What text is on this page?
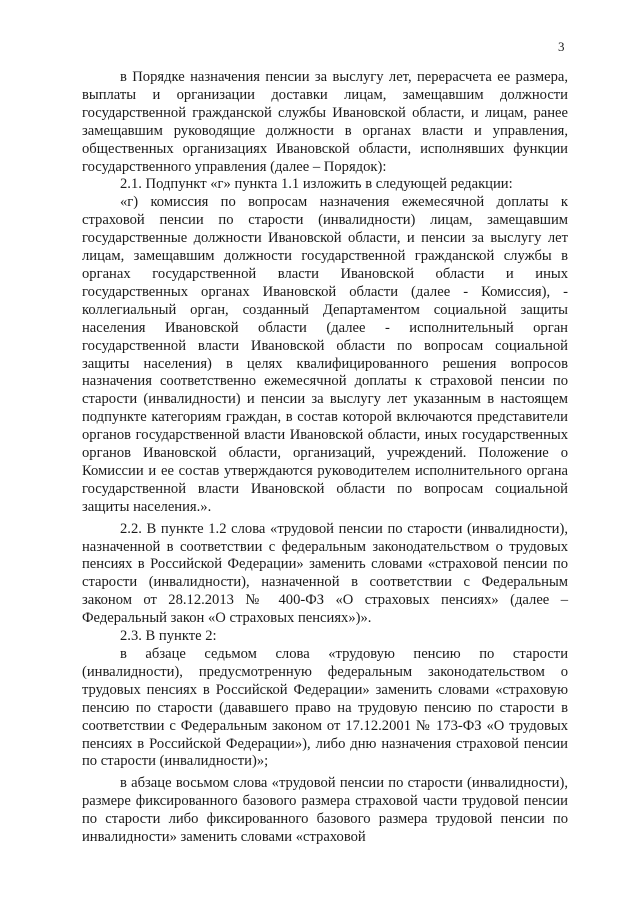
3

в Порядке назначения пенсии за выслугу лет, перерасчета ее размера, выплаты и организации доставки лицам, замещавшим должности государственной гражданской службы Ивановской области, и лицам, ранее замещавшим руководящие должности в органах власти и управления, общественных организациях Ивановской области, исполнявших функции государственного управления (далее – Порядок):

2.1. Подпункт «г» пункта 1.1 изложить в следующей редакции:

«г) комиссия по вопросам назначения ежемесячной доплаты к страховой пенсии по старости (инвалидности) лицам, замещавшим государственные должности Ивановской области, и пенсии за выслугу лет лицам, замещавшим должности государственной гражданской службы в органах государственной власти Ивановской области и иных государственных органах Ивановской области (далее - Комиссия), - коллегиальный орган, созданный Департаментом социальной защиты населения Ивановской области (далее - исполнительный орган государственной власти Ивановской области по вопросам социальной защиты населения) в целях квалифицированного решения вопросов назначения соответственно ежемесячной доплаты к страховой пенсии по старости (инвалидности) и пенсии за выслугу лет указанным в настоящем подпункте категориям граждан, в состав которой включаются представители органов государственной власти Ивановской области, иных государственных органов Ивановской области, организаций, учреждений. Положение о Комиссии и ее состав утверждаются руководителем исполнительного органа государственной власти Ивановской области по вопросам социальной защиты населения.».

2.2. В пункте 1.2 слова «трудовой пенсии по старости (инвалидности), назначенной в соответствии с федеральным законодательством о трудовых пенсиях в Российской Федерации» заменить словами «страховой пенсии по старости (инвалидности), назначенной в соответствии с Федеральным законом от 28.12.2013 № 400-ФЗ «О страховых пенсиях» (далее – Федеральный закон «О страховых пенсиях»)».

2.3. В пункте 2:

в абзаце седьмом слова «трудовую пенсию по старости (инвалидности), предусмотренную федеральным законодательством о трудовых пенсиях в Российской Федерации» заменить словами «страховую пенсию по старости (дававшего право на трудовую пенсию по старости в соответствии с Федеральным законом от 17.12.2001 № 173-ФЗ «О трудовых пенсиях в Российской Федерации»), либо дню назначения страховой пенсии по старости (инвалидности)»;

в абзаце восьмом слова «трудовой пенсии по старости (инвалидности), размере фиксированного базового размера страховой части трудовой пенсии по старости либо фиксированного базового размера трудовой пенсии по инвалидности» заменить словами «страховой
